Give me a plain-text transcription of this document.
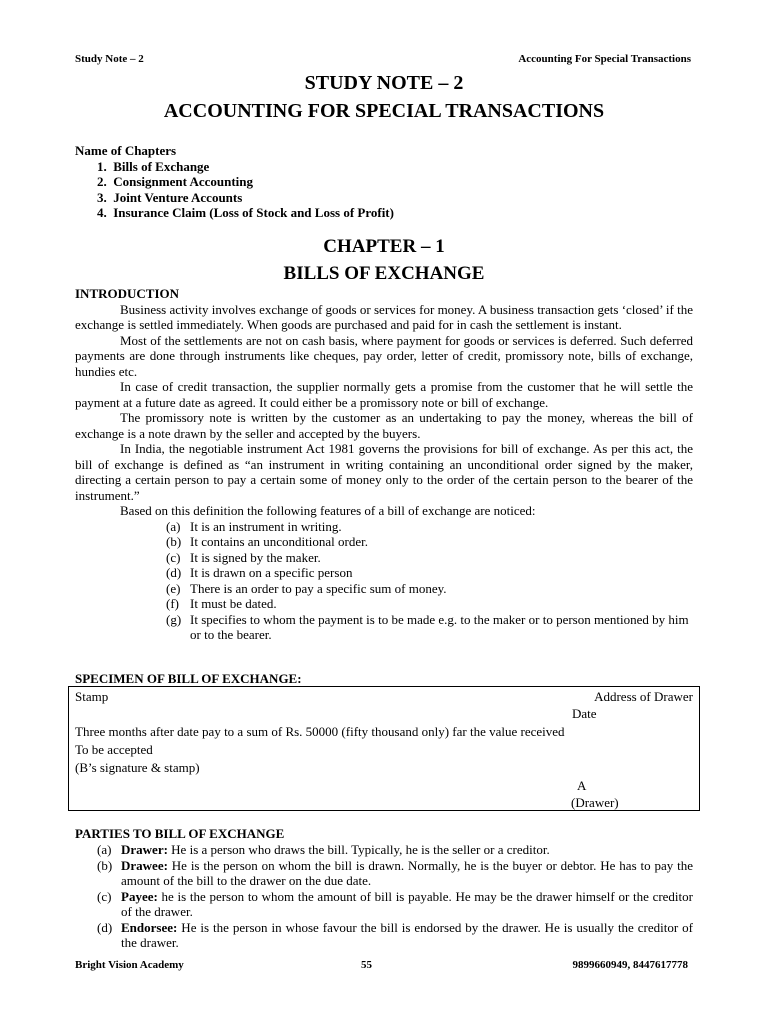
Study Note – 2	Accounting For Special Transactions
STUDY NOTE – 2
ACCOUNTING FOR SPECIAL TRANSACTIONS
Name of Chapters
1.  Bills of Exchange
2.  Consignment Accounting
3.  Joint Venture Accounts
4.  Insurance Claim (Loss of Stock and Loss of Profit)
CHAPTER – 1
BILLS OF EXCHANGE
INTRODUCTION

Business activity involves exchange of goods or services for money. A business transaction gets ‘closed’ if the exchange is settled immediately. When goods are purchased and paid for in cash the settlement is instant.

Most of the settlements are not on cash basis, where payment for goods or services is deferred. Such deferred payments are done through instruments like cheques, pay order, letter of credit, promissory note, bills of exchange, hundies etc.

In case of credit transaction, the supplier normally gets a promise from the customer that he will settle the payment at a future date as agreed. It could either be a promissory note or bill of exchange.

The promissory note is written by the customer as an undertaking to pay the money, whereas the bill of exchange is a note drawn by the seller and accepted by the buyers.

In India, the negotiable instrument Act 1981 governs the provisions for bill of exchange. As per this act, the bill of exchange is defined as “an instrument in writing containing an unconditional order signed by the maker, directing a certain person to pay a certain some of money only to the order of the certain person to the bearer of the instrument.”

Based on this definition the following features of a bill of exchange are noticed:

(a) It is an instrument in writing.
(b) It contains an unconditional order.
(c) It is signed by the maker.
(d) It is drawn on a specific person
(e) There is an order to pay a specific sum of money.
(f) It must be dated.
(g) It specifies to whom the payment is to be made e.g. to the maker or to person mentioned by him or to the bearer.
SPECIMEN OF BILL OF EXCHANGE:
Stamp	Address of Drawer
Date
Three months after date pay to a sum of Rs. 50000 (fifty thousand only) far the value received
To be accepted
(B’s signature & stamp)
A
(Drawer)
PARTIES TO BILL OF EXCHANGE
(a) Drawer: He is a person who draws the bill. Typically, he is the seller or a creditor.
(b) Drawee: He is the person on whom the bill is drawn. Normally, he is the buyer or debtor. He has to pay the amount of the bill to the drawer on the due date.
(c) Payee: he is the person to whom the amount of bill is payable. He may be the drawer himself or the creditor of the drawer.
(d) Endorsee: He is the person in whose favour the bill is endorsed by the drawer. He is usually the creditor of the drawer.
Bright Vision Academy	55	9899660949, 8447617778
